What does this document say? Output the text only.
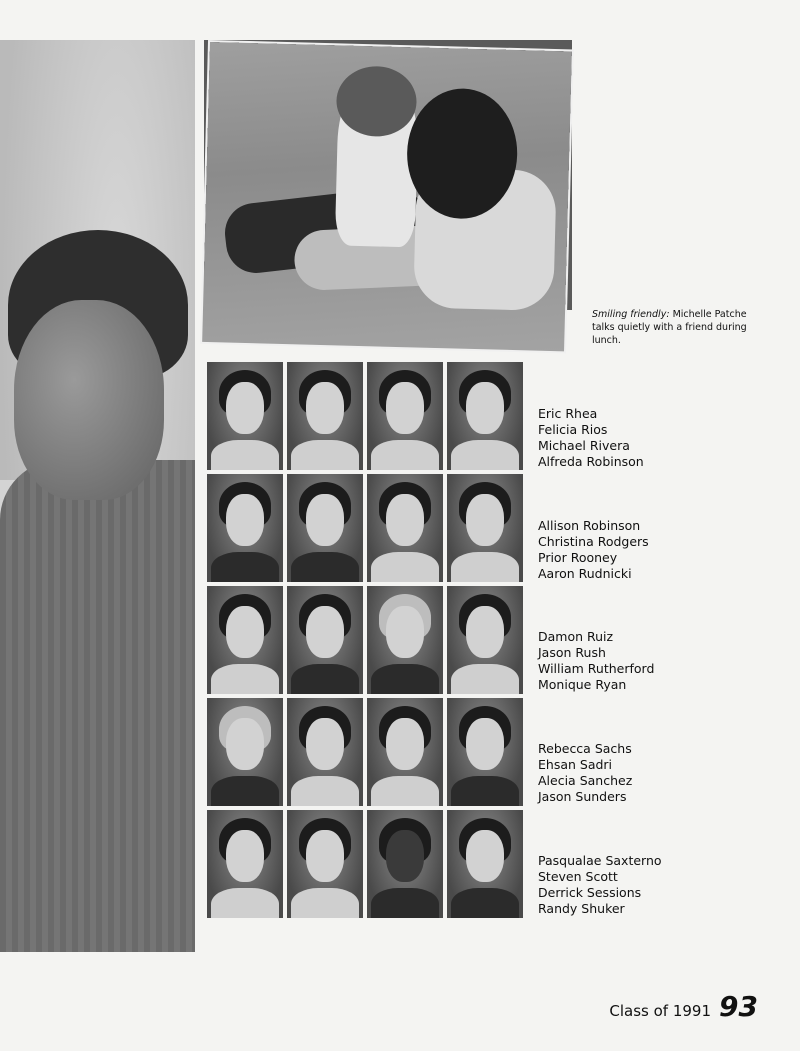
Smiling friendly: Michelle Patche talks quietly with a friend during lunch.
Eric Rhea
Felicia Rios
Michael Rivera
Alfreda Robinson
Allison Robinson
Christina Rodgers
Prior Rooney
Aaron Rudnicki
Damon Ruiz
Jason Rush
William Rutherford
Monique Ryan
Rebecca Sachs
Ehsan Sadri
Alecia Sanchez
Jason Sunders
Pasqualae Saxterno
Steven Scott
Derrick Sessions
Randy Shuker
Class of 1991 93
